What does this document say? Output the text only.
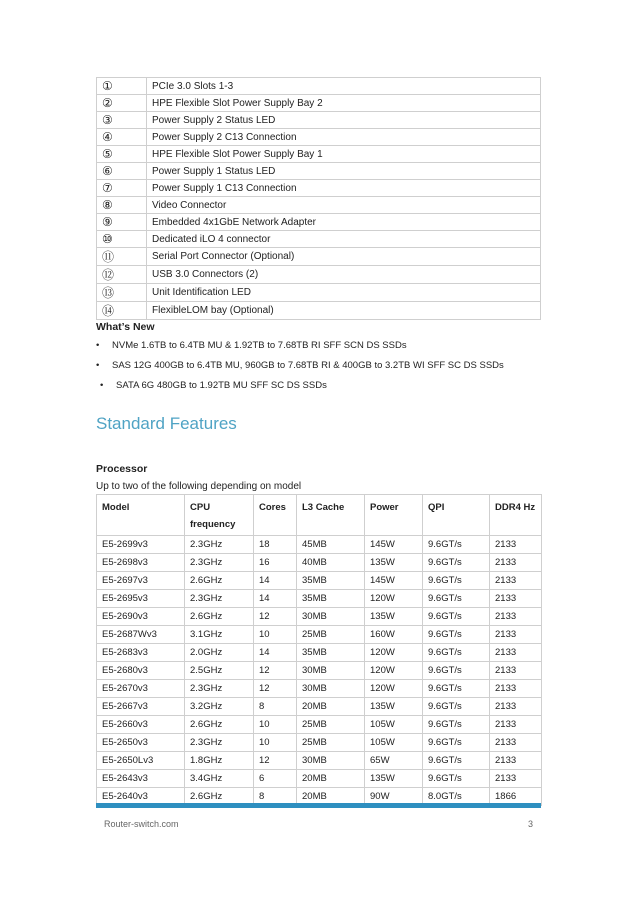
①	PCIe 3.0 Slots 1-3
②	HPE Flexible Slot Power Supply Bay 2
③	Power Supply 2 Status LED
④	Power Supply 2 C13 Connection
⑤	HPE Flexible Slot Power Supply Bay 1
⑥	Power Supply 1 Status LED
⑦	Power Supply 1 C13 Connection
⑧	Video Connector
⑨	Embedded 4x1GbE Network Adapter
⑩	Dedicated iLO 4 connector
⑪	Serial Port Connector (Optional)
⑫	USB 3.0 Connectors (2)
⑬	Unit Identification LED
⑭	FlexibleLOM bay (Optional)
What’s New
• NVMe 1.6TB to 6.4TB MU & 1.92TB to 7.68TB RI SFF SCN DS SSDs
• SAS 12G 400GB to 6.4TB MU, 960GB to 7.68TB RI & 400GB to 3.2TB WI SFF SC DS SSDs
• SATA 6G 480GB to 1.92TB MU SFF SC DS SSDs
Standard Features
Processor
Up to two of the following depending on model
Model	CPU frequency	Cores	L3 Cache	Power	QPI	DDR4 Hz
E5-2699v3	2.3GHz	18	45MB	145W	9.6GT/s	2133
E5-2698v3	2.3GHz	16	40MB	135W	9.6GT/s	2133
E5-2697v3	2.6GHz	14	35MB	145W	9.6GT/s	2133
E5-2695v3	2.3GHz	14	35MB	120W	9.6GT/s	2133
E5-2690v3	2.6GHz	12	30MB	135W	9.6GT/s	2133
E5-2687Wv3	3.1GHz	10	25MB	160W	9.6GT/s	2133
E5-2683v3	2.0GHz	14	35MB	120W	9.6GT/s	2133
E5-2680v3	2.5GHz	12	30MB	120W	9.6GT/s	2133
E5-2670v3	2.3GHz	12	30MB	120W	9.6GT/s	2133
E5-2667v3	3.2GHz	8	20MB	135W	9.6GT/s	2133
E5-2660v3	2.6GHz	10	25MB	105W	9.6GT/s	2133
E5-2650v3	2.3GHz	10	25MB	105W	9.6GT/s	2133
E5-2650Lv3	1.8GHz	12	30MB	65W	9.6GT/s	2133
E5-2643v3	3.4GHz	6	20MB	135W	9.6GT/s	2133
E5-2640v3	2.6GHz	8	20MB	90W	8.0GT/s	1866
Router-switch.com	3
